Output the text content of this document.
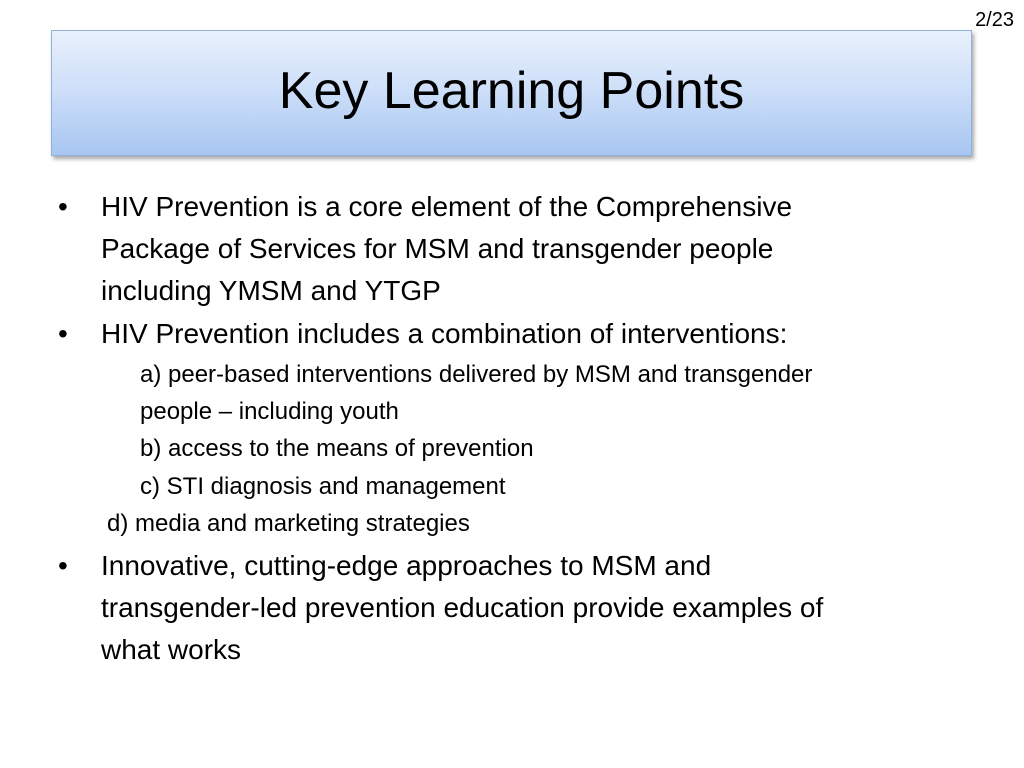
2/23
Key Learning Points
• HIV Prevention is a core element of the Comprehensive
Package of Services for MSM and transgender people
including YMSM and YTGP
• HIV Prevention includes a combination of interventions:
a) peer-based interventions delivered by MSM and transgender
people – including youth
b) access to the means of prevention
c) STI diagnosis and management
d) media and marketing strategies
• Innovative, cutting-edge approaches to MSM and
transgender-led prevention education provide examples of
what works
